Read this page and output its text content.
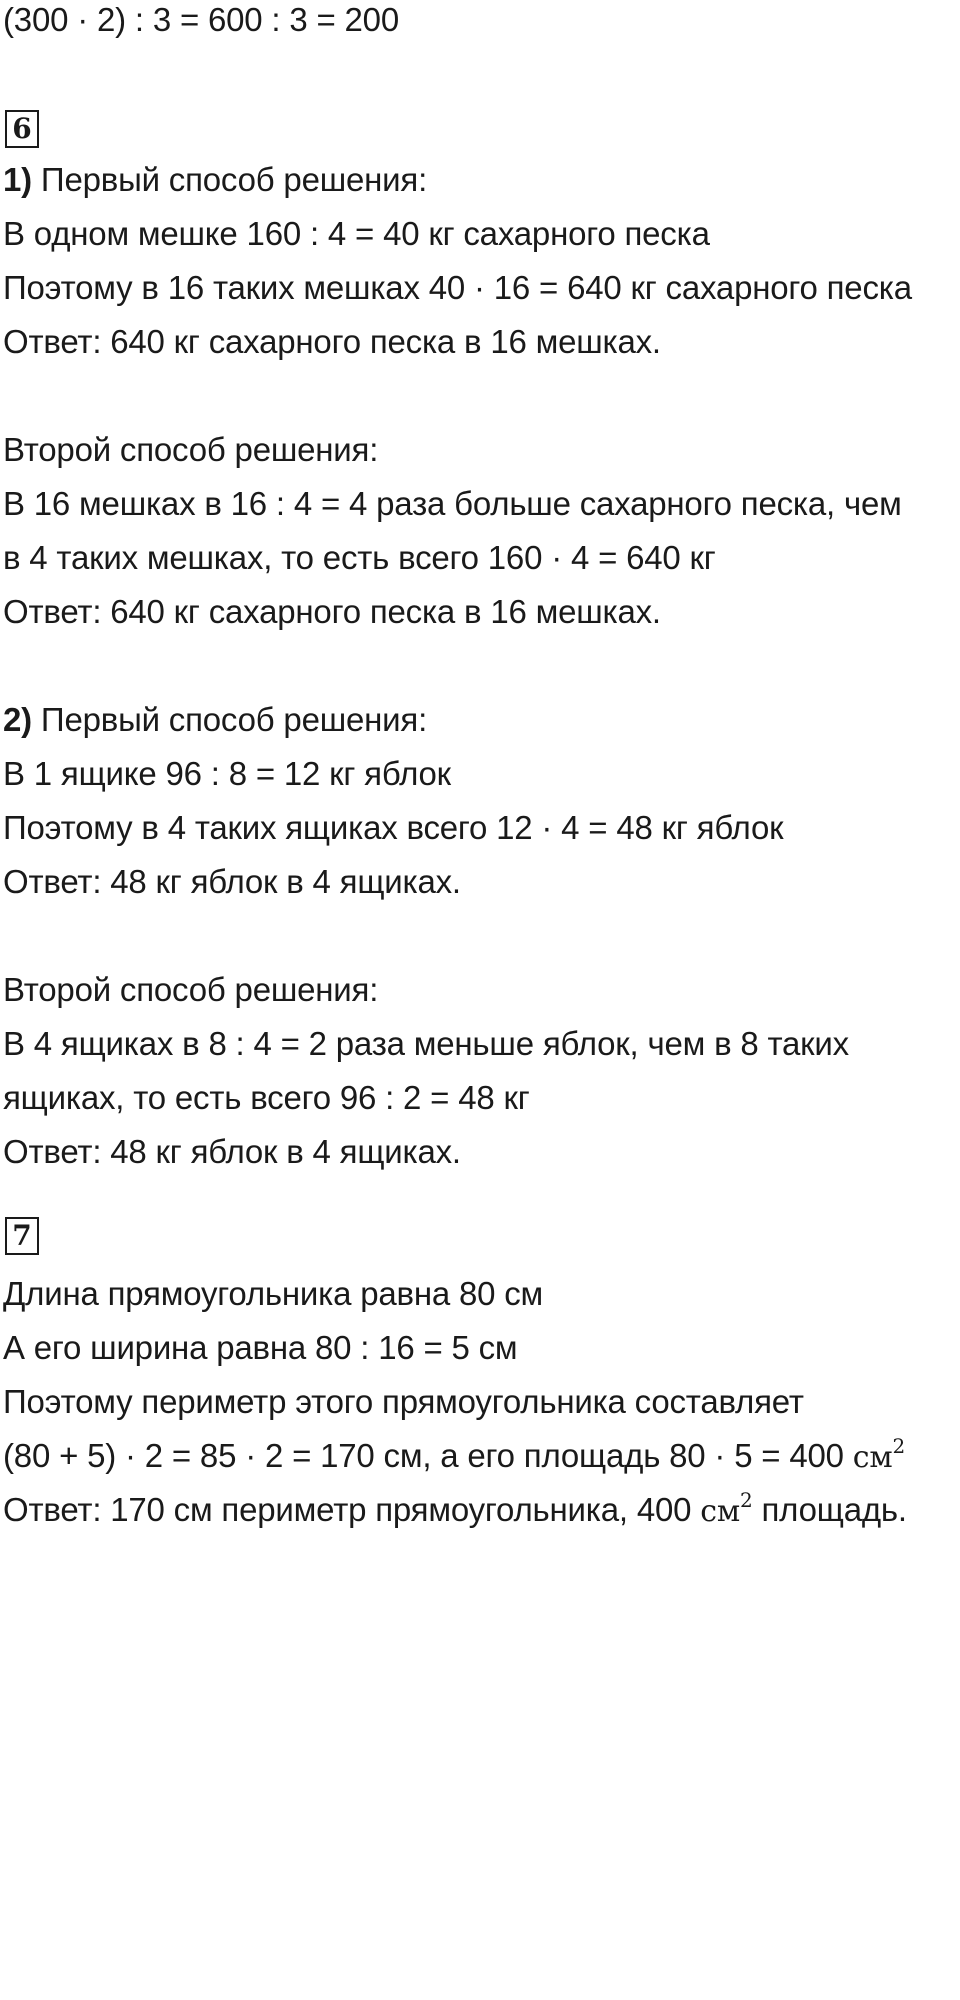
(300 · 2) : 3 = 600 : 3 = 200
6
1) Первый способ решения:
В одном мешке 160 : 4 = 40 кг сахарного песка
Поэтому в 16 таких мешках 40 · 16 = 640 кг сахарного песка
Ответ: 640 кг сахарного песка в 16 мешках.
Второй способ решения:
В 16 мешках в 16 : 4 = 4 раза больше сахарного песка, чем
в 4 таких мешках, то есть всего 160 · 4 = 640 кг
Ответ: 640 кг сахарного песка в 16 мешках.
2) Первый способ решения:
В 1 ящике 96 : 8 = 12 кг яблок
Поэтому в 4 таких ящиках всего 12 · 4 = 48 кг яблок
Ответ: 48 кг яблок в 4 ящиках.
Второй способ решения:
В 4 ящиках в 8 : 4 = 2 раза меньше яблок, чем в 8 таких
ящиках, то есть всего 96 : 2 = 48 кг
Ответ: 48 кг яблок в 4 ящиках.
7
Длина прямоугольника равна 80 см
А его ширина равна 80 : 16 = 5 см
Поэтому периметр этого прямоугольника составляет
(80 + 5) · 2 = 85 · 2 = 170 см, а его площадь 80 · 5 = 400 $см^2$
Ответ: 170 см периметр прямоугольника, 400 $см^2$ площадь.
